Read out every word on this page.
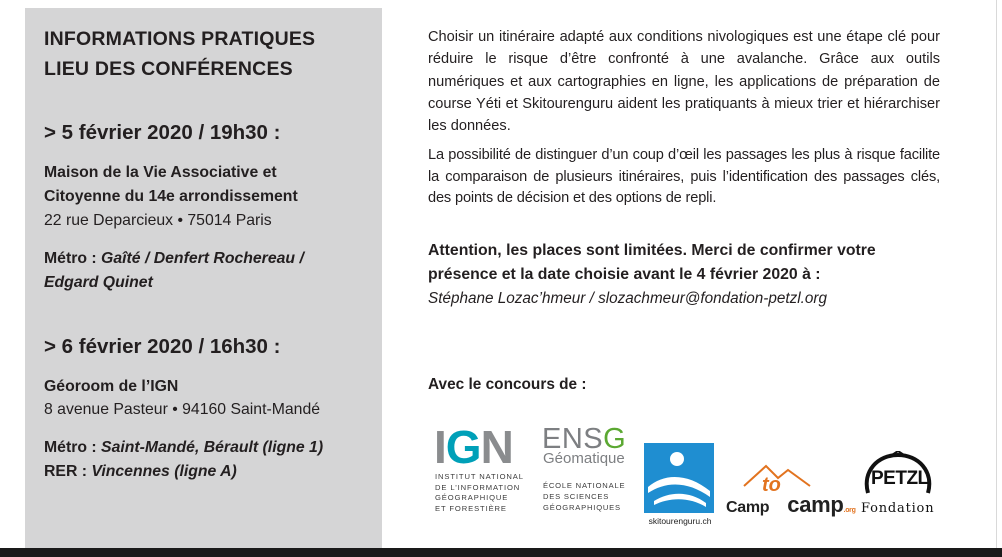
INFORMATIONS PRATIQUES
LIEU DES CONFÉRENCES
> 5 février 2020 / 19h30 :
Maison de la Vie Associative et
Citoyenne du 14e arrondissement
22 rue Deparcieux • 75014 Paris
Métro : Gaîté / Denfert Rochereau /
Edgard Quinet
> 6 février 2020 / 16h30 :
Géoroom de l’IGN
8 avenue Pasteur • 94160 Saint-Mandé
Métro : Saint-Mandé, Bérault (ligne 1)
RER : Vincennes (ligne A)

Choisir un itinéraire adapté aux conditions nivologiques est une étape clé pour réduire le risque d’être confronté à une avalanche. Grâce aux outils numériques et aux cartographies en ligne, les applications de préparation de course Yéti et Skitourenguru aident les pratiquants à mieux trier et hiérarchiser les données.

La possibilité de distinguer d’un coup d’œil les passages les plus à risque facilite la comparaison de plusieurs itinéraires, puis l’identification des passages clés, des points de décision et des options de repli.

Attention, les places sont limitées. Merci de confirmer votre
présence et la date choisie avant le 4 février 2020 à :
Stéphane Lozac’hmeur / slozachmeur@fondation-petzl.org
Avec le concours de :
IGN
INSTITUT NATIONAL
DE L’INFORMATION
GÉOGRAPHIQUE
ET FORESTIÈRE
ENSG
Géomatique
ÉCOLE NATIONALE
DES SCIENCES
GÉOGRAPHIQUES
skitourenguru.ch
Camp camp.org
to	PETZL
Fondation
